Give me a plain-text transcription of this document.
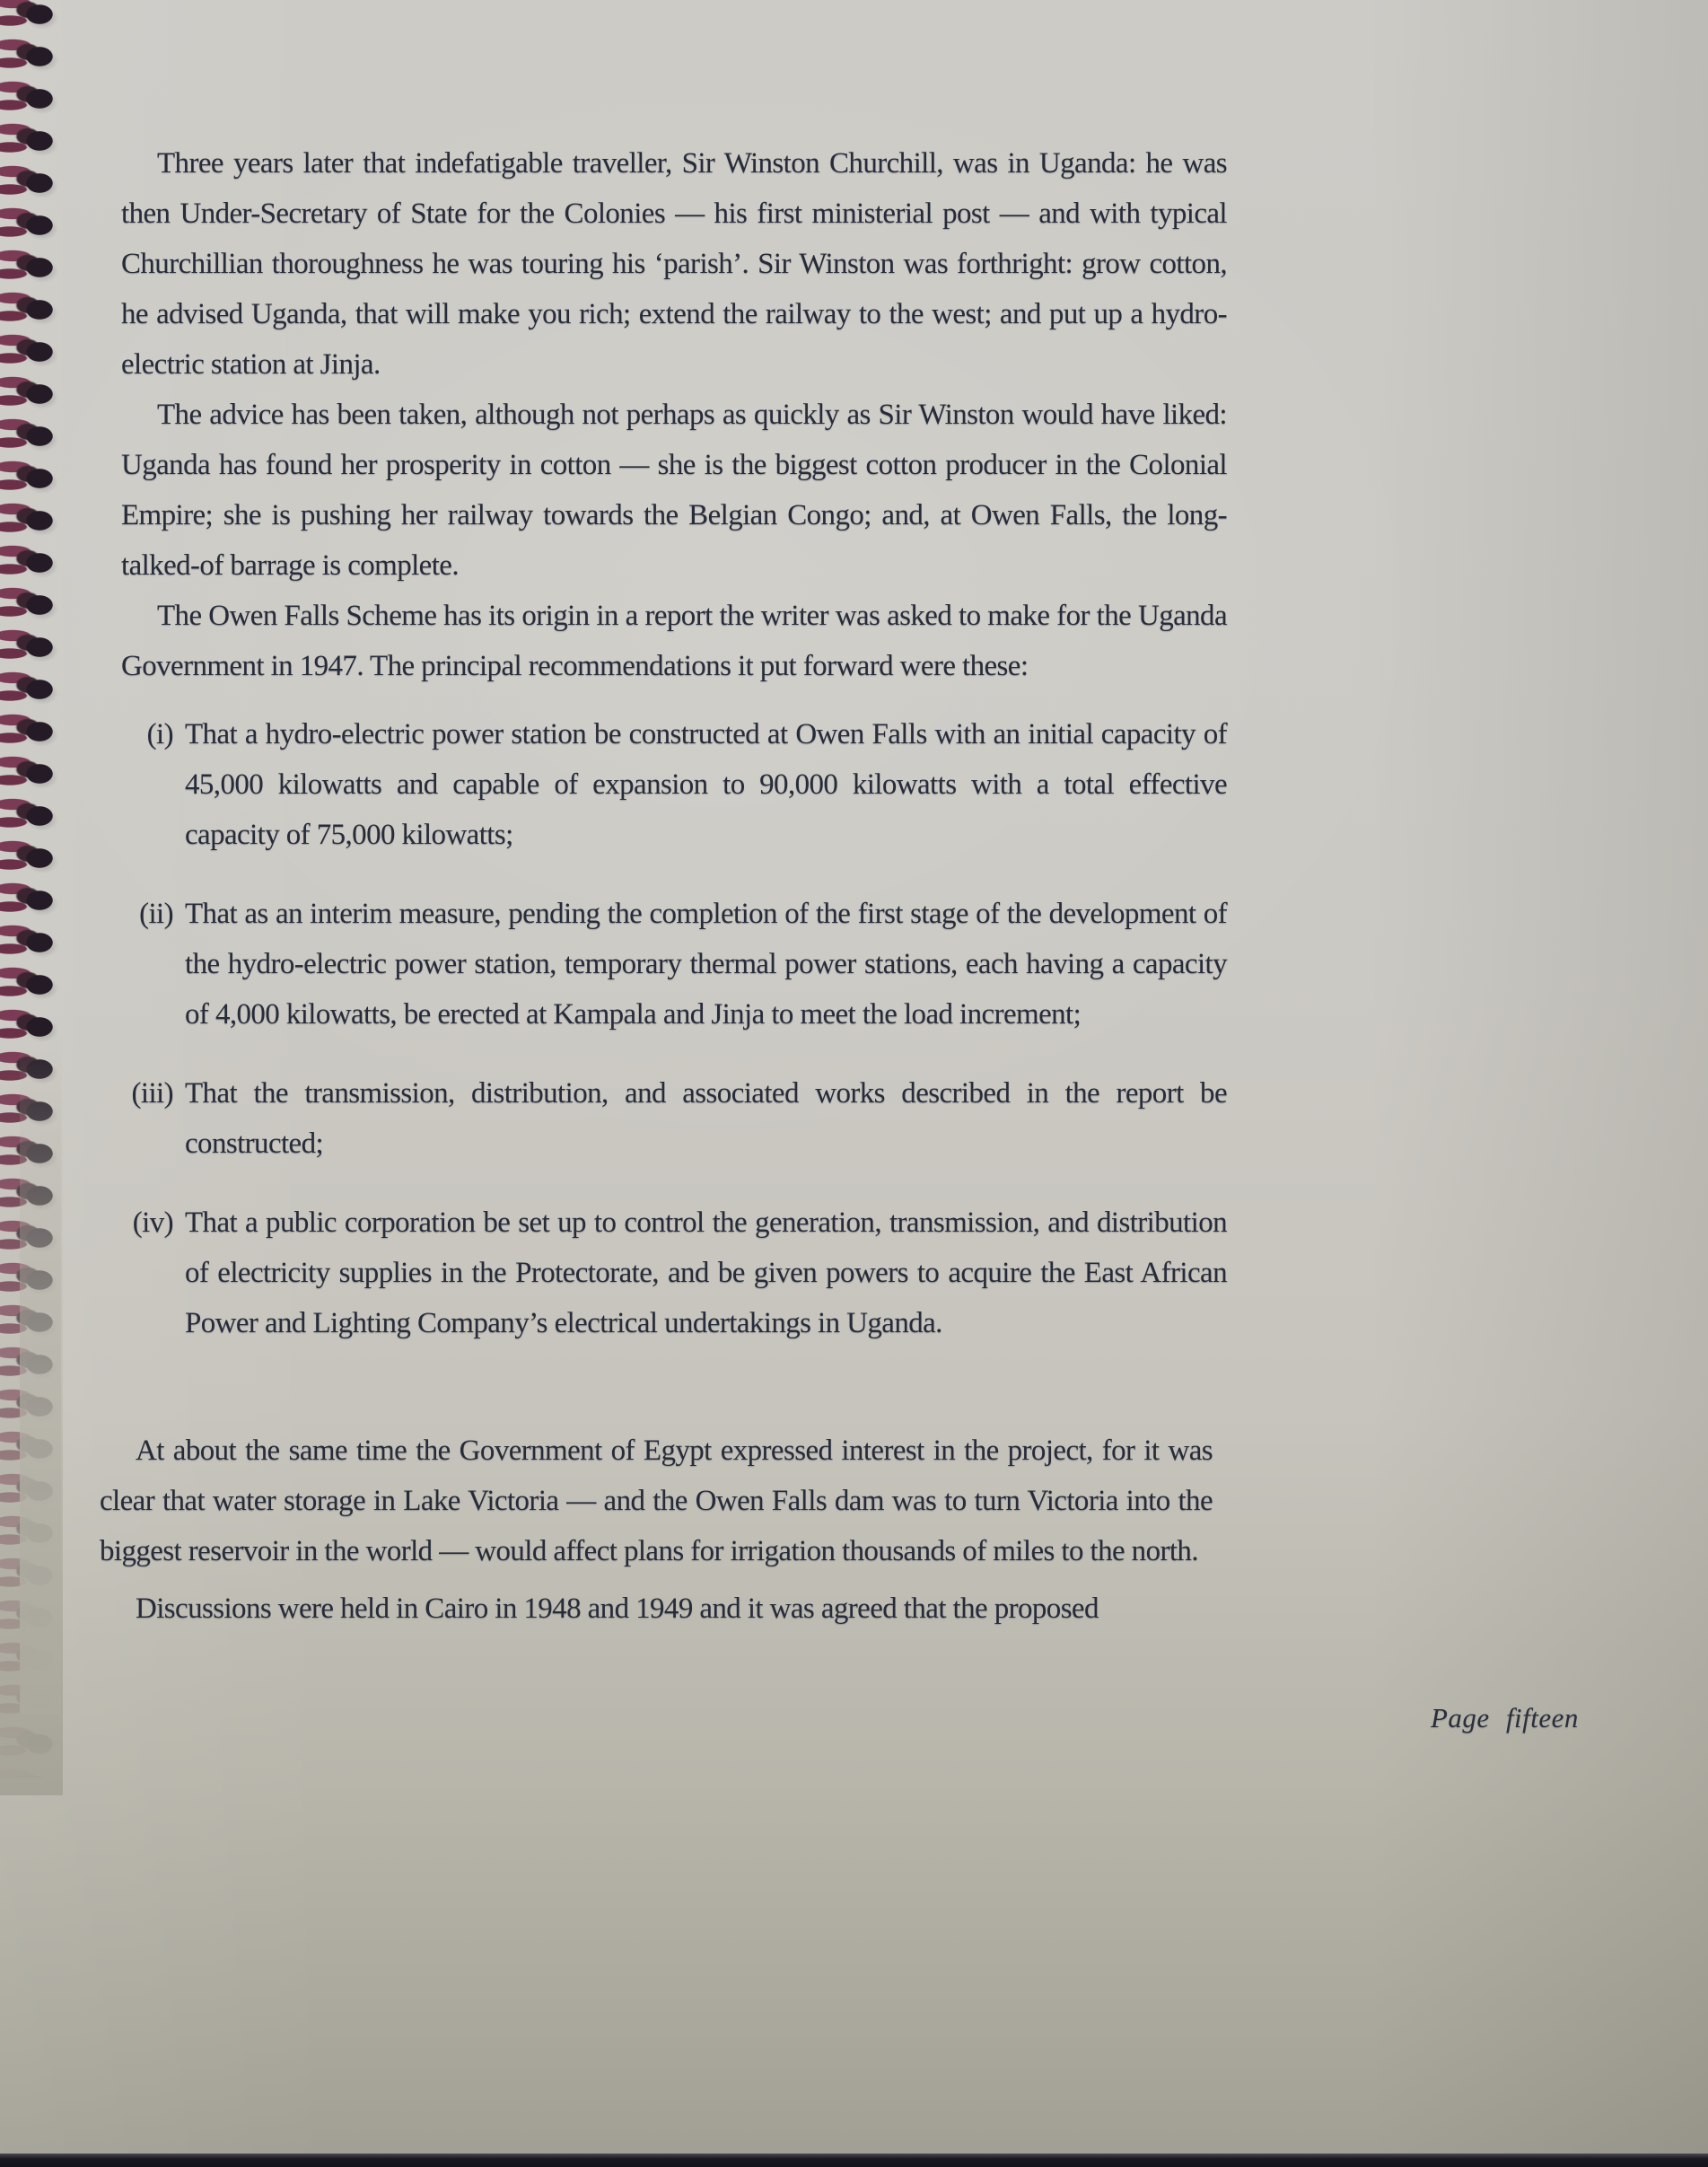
Three years later that indefatigable traveller, Sir Winston Churchill, was in Uganda: he was then Under-Secretary of State for the Colonies — his first ministerial post — and with typical Churchillian thoroughness he was touring his ‘parish’. Sir Winston was forthright: grow cotton, he advised Uganda, that will make you rich; extend the railway to the west; and put up a hydro-electric station at Jinja.

The advice has been taken, although not perhaps as quickly as Sir Winston would have liked: Uganda has found her prosperity in cotton — she is the biggest cotton producer in the Colonial Empire; she is pushing her railway towards the Belgian Congo; and, at Owen Falls, the long-talked-of barrage is complete.

The Owen Falls Scheme has its origin in a report the writer was asked to make for the Uganda Government in 1947. The principal recommendations it put forward were these:

(i) That a hydro-electric power station be constructed at Owen Falls with an initial capacity of 45,000 kilowatts and capable of expansion to 90,000 kilowatts with a total effective capacity of 75,000 kilowatts;
(ii) That as an interim measure, pending the completion of the first stage of the development of the hydro-electric power station, temporary thermal power stations, each having a capacity of 4,000 kilowatts, be erected at Kampala and Jinja to meet the load increment;
(iii) That the transmission, distribution, and associated works described in the report be constructed;
(iv) That a public corporation be set up to control the generation, transmission, and distribution of electricity supplies in the Protectorate, and be given powers to acquire the East African Power and Lighting Company’s electrical undertakings in Uganda.

At about the same time the Government of Egypt expressed interest in the project, for it was clear that water storage in Lake Victoria — and the Owen Falls dam was to turn Victoria into the biggest reservoir in the world — would affect plans for irrigation thousands of miles to the north.

Discussions were held in Cairo in 1948 and 1949 and it was agreed that the proposed

Page fifteen
